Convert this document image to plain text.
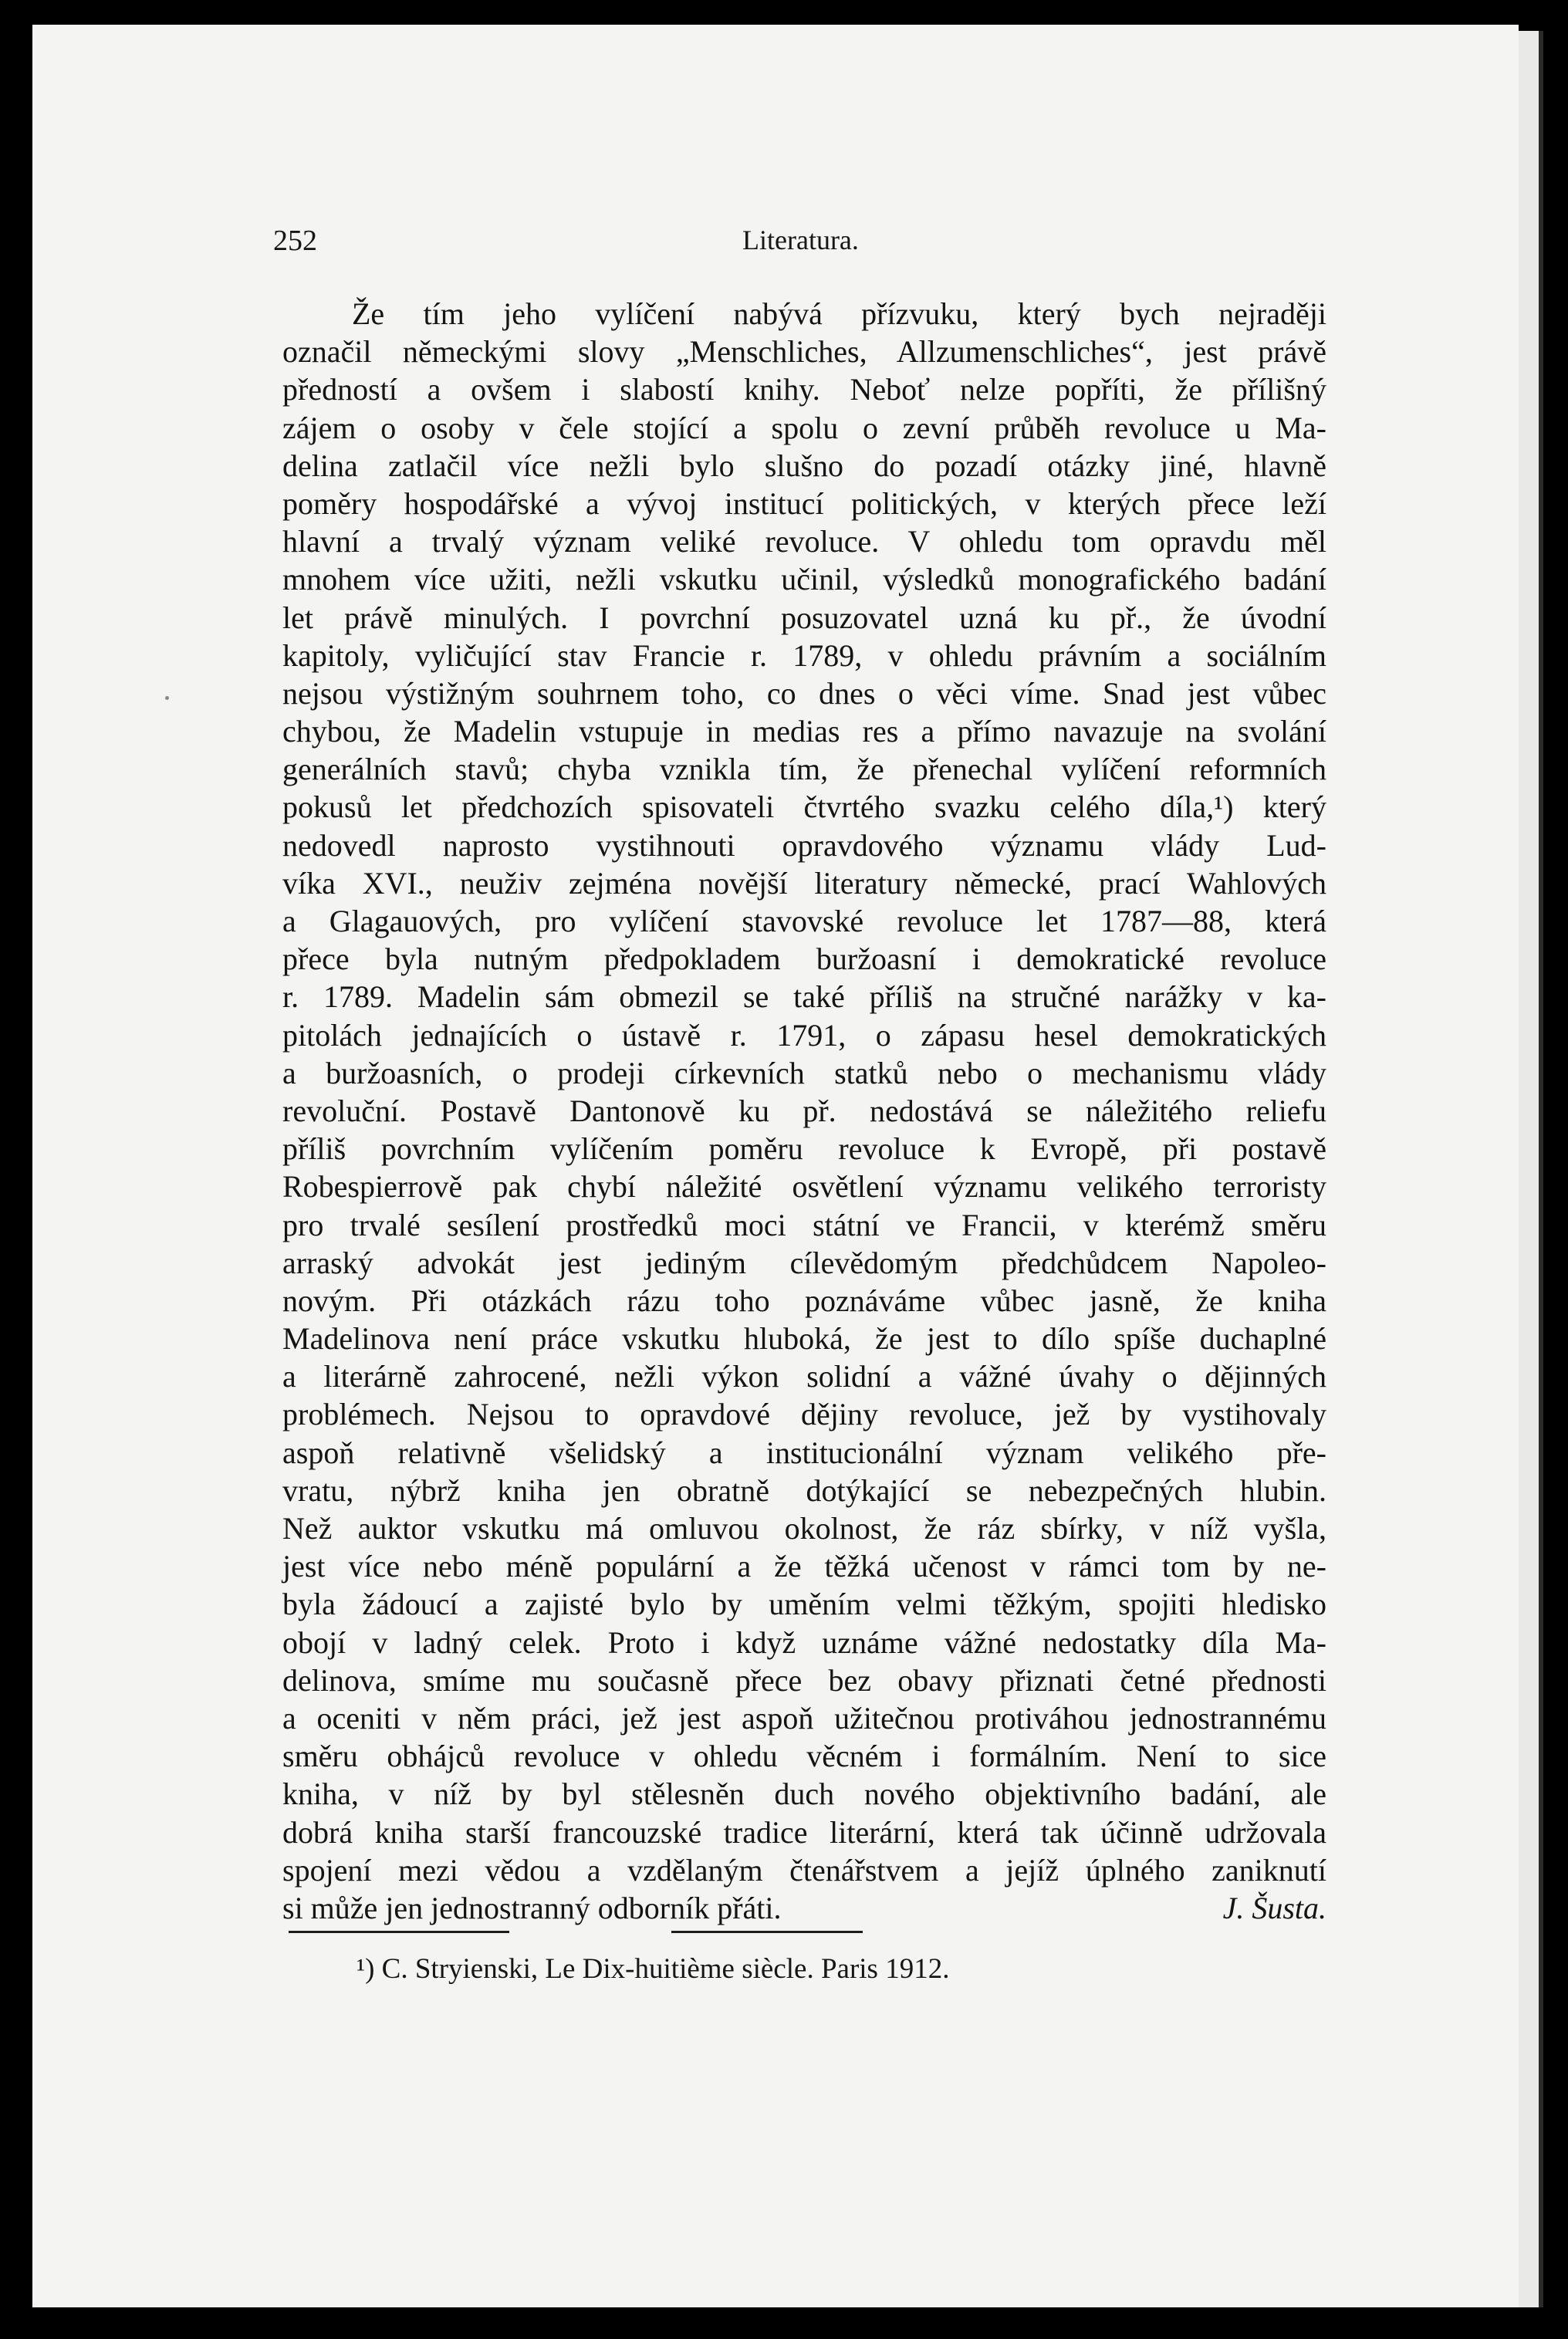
252	Literatura.
Že tím jeho vylíčení nabývá přízvuku, který bych nejraději
označil německými slovy „Menschliches, Allzumenschliches“, jest právě
předností a ovšem i slabostí knihy. Neboť nelze popříti, že přílišný
zájem o osoby v čele stojící a spolu o zevní průběh revoluce u Ma-
delina zatlačil více nežli bylo slušno do pozadí otázky jiné, hlavně
poměry hospodářské a vývoj institucí politických, v kterých přece leží
hlavní a trvalý význam veliké revoluce. V ohledu tom opravdu měl
mnohem více užiti, nežli vskutku učinil, výsledků monografického badání
let právě minulých. I povrchní posuzovatel uzná ku př., že úvodní
kapitoly, vyličující stav Francie r. 1789, v ohledu právním a sociálním
nejsou výstižným souhrnem toho, co dnes o věci víme. Snad jest vůbec
chybou, že Madelin vstupuje in medias res a přímo navazuje na svolání
generálních stavů; chyba vznikla tím, že přenechal vylíčení reformních
pokusů let předchozích spisovateli čtvrtého svazku celého díla,¹) který
nedovedl naprosto vystihnouti opravdového významu vlády Lud-
víka XVI., neuživ zejména novější literatury německé, prací Wahlových
a Glagauových, pro vylíčení stavovské revoluce let 1787—88, která
přece byla nutným předpokladem buržoasní i demokratické revoluce
r. 1789. Madelin sám obmezil se také příliš na stručné narážky v ka-
pitolách jednajících o ústavě r. 1791, o zápasu hesel demokratických
a buržoasních, o prodeji církevních statků nebo o mechanismu vlády
revoluční. Postavě Dantonově ku př. nedostává se náležitého reliefu
příliš povrchním vylíčením poměru revoluce k Evropě, při postavě
Robespierrově pak chybí náležité osvětlení významu velikého terroristy
pro trvalé sesílení prostředků moci státní ve Francii, v kterémž směru
arraský advokát jest jediným cílevědomým předchůdcem Napoleo-
novým. Při otázkách rázu toho poznáváme vůbec jasně, že kniha
Madelinova není práce vskutku hluboká, že jest to dílo spíše duchaplné
a literárně zahrocené, nežli výkon solidní a vážné úvahy o dějinných
problémech. Nejsou to opravdové dějiny revoluce, jež by vystihovaly
aspoň relativně všelidský a institucionální význam velikého pře-
vratu, nýbrž kniha jen obratně dotýkající se nebezpečných hlubin.
Než auktor vskutku má omluvou okolnost, že ráz sbírky, v níž vyšla,
jest více nebo méně populární a že těžká učenost v rámci tom by ne-
byla žádoucí a zajisté bylo by uměním velmi těžkým, spojiti hledisko
obojí v ladný celek. Proto i když uznáme vážné nedostatky díla Ma-
delinova, smíme mu současně přece bez obavy přiznati četné přednosti
a oceniti v něm práci, jež jest aspoň užitečnou protiváhou jednostrannému
směru obhájců revoluce v ohledu věcném i formálním. Není to sice
kniha, v níž by byl stělesněn duch nového objektivního badání, ale
dobrá kniha starší francouzské tradice literární, která tak účinně udržovala
spojení mezi vědou a vzdělaným čtenářstvem a jejíž úplného zaniknutí
si může jen jednostranný odborník přáti.	J. Šusta.
¹) C. Stryienski, Le Dix-huitième siècle. Paris 1912.
